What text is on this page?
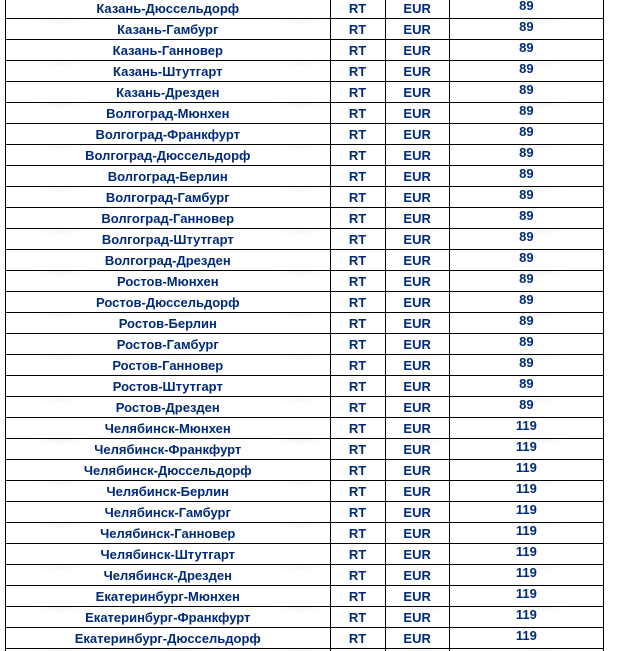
Казань-Дюссельдорф	RT	EUR	89
Казань-Гамбург	RT	EUR	89
Казань-Ганновер	RT	EUR	89
Казань-Штутгарт	RT	EUR	89
Казань-Дрезден	RT	EUR	89
Волгоград-Мюнхен	RT	EUR	89
Волгоград-Франкфурт	RT	EUR	89
Волгоград-Дюссельдорф	RT	EUR	89
Волгоград-Берлин	RT	EUR	89
Волгоград-Гамбург	RT	EUR	89
Волгоград-Ганновер	RT	EUR	89
Волгоград-Штутгарт	RT	EUR	89
Волгоград-Дрезден	RT	EUR	89
Ростов-Мюнхен	RT	EUR	89
Ростов-Дюссельдорф	RT	EUR	89
Ростов-Берлин	RT	EUR	89
Ростов-Гамбург	RT	EUR	89
Ростов-Ганновер	RT	EUR	89
Ростов-Штутгарт	RT	EUR	89
Ростов-Дрезден	RT	EUR	89
Челябинск-Мюнхен	RT	EUR	119
Челябинск-Франкфурт	RT	EUR	119
Челябинск-Дюссельдорф	RT	EUR	119
Челябинск-Берлин	RT	EUR	119
Челябинск-Гамбург	RT	EUR	119
Челябинск-Ганновер	RT	EUR	119
Челябинск-Штутгарт	RT	EUR	119
Челябинск-Дрезден	RT	EUR	119
Екатеринбург-Мюнхен	RT	EUR	119
Екатеринбург-Франкфурт	RT	EUR	119
Екатеринбург-Дюссельдорф	RT	EUR	119
